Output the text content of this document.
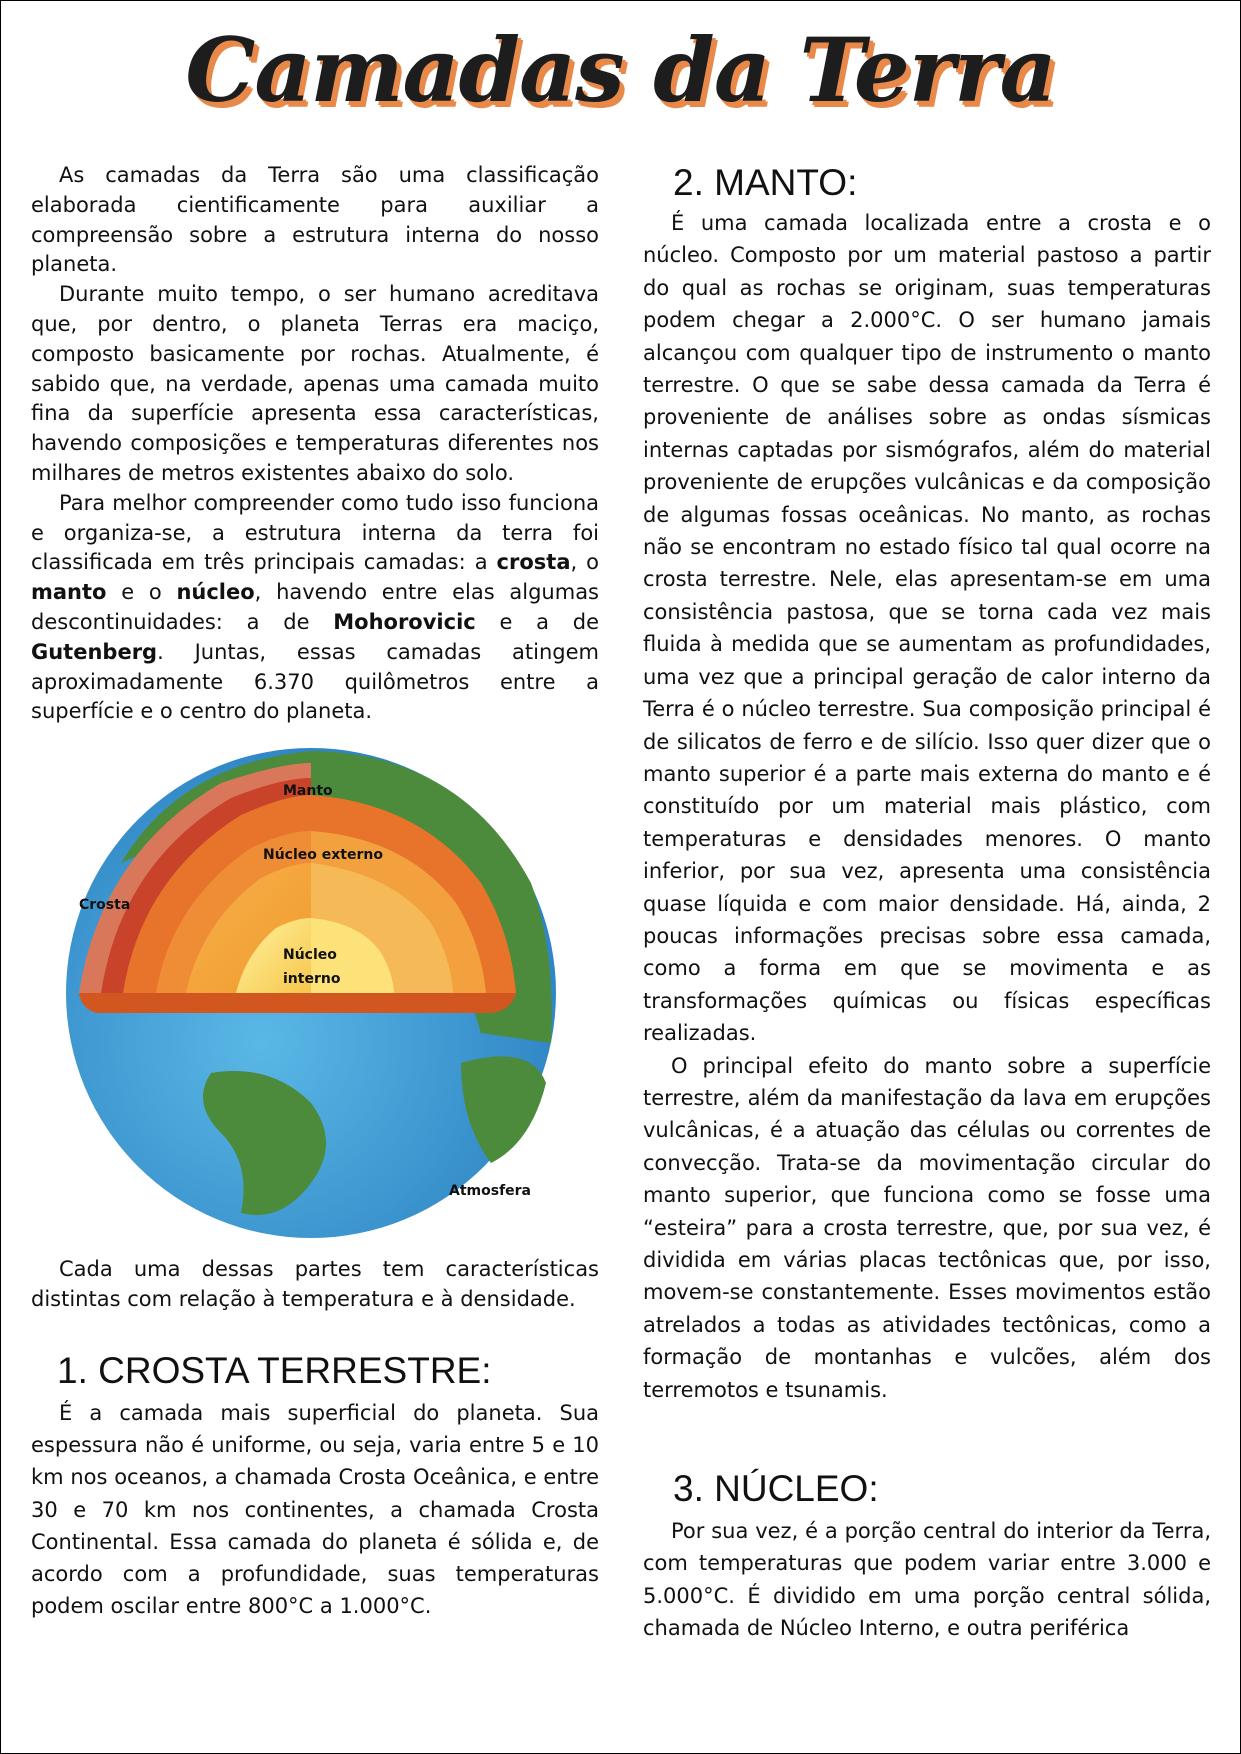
Camadas da Terra

As camadas da Terra são uma classificação elaborada cientificamente para auxiliar a compreensão sobre a estrutura interna do nosso planeta.

Durante muito tempo, o ser humano acreditava que, por dentro, o planeta Terras era maciço, composto basicamente por rochas. Atualmente, é sabido que, na verdade, apenas uma camada muito fina da superfície apresenta essa características, havendo composições e temperaturas diferentes nos milhares de metros existentes abaixo do solo.

Para melhor compreender como tudo isso funciona e organiza-se, a estrutura interna da terra foi classificada em três principais camadas: a crosta, o manto e o núcleo, havendo entre elas algumas descontinuidades: a de Mohorovicic e a de Gutenberg. Juntas, essas camadas atingem aproximadamente 6.370 quilômetros entre a superfície e o centro do planeta.

Cada uma dessas partes tem características distintas com relação à temperatura e à densidade.

1. CROSTA TERRESTRE:

É a camada mais superficial do planeta. Sua espessura não é uniforme, ou seja, varia entre 5 e 10 km nos oceanos, a chamada Crosta Oceânica, e entre 30 e 70 km nos continentes, a chamada Crosta Continental. Essa camada do planeta é sólida e, de acordo com a profundidade, suas temperaturas podem oscilar entre 800°C a 1.000°C.

Manto
Núcleo externo
Crosta
Núcleo
interno
Atmosfera
2. MANTO:

É uma camada localizada entre a crosta e o núcleo. Composto por um material pastoso a partir do qual as rochas se originam, suas temperaturas podem chegar a 2.000°C. O ser humano jamais alcançou com qualquer tipo de instrumento o manto terrestre. O que se sabe dessa camada da Terra é proveniente de análises sobre as ondas sísmicas internas captadas por sismógrafos, além do material proveniente de erupções vulcânicas e da composição de algumas fossas oceânicas. No manto, as rochas não se encontram no estado físico tal qual ocorre na crosta terrestre. Nele, elas apresentam-se em uma consistência pastosa, que se torna cada vez mais fluida à medida que se aumentam as profundidades, uma vez que a principal geração de calor interno da Terra é o núcleo terrestre. Sua composição principal é de silicatos de ferro e de silício. Isso quer dizer que o manto superior é a parte mais externa do manto e é constituído por um material mais plástico, com temperaturas e densidades menores. O manto inferior, por sua vez, apresenta uma consistência quase líquida e com maior densidade. Há, ainda, 2 poucas informações precisas sobre essa camada, como a forma em que se movimenta e as transformações químicas ou físicas específicas realizadas.

O principal efeito do manto sobre a superfície terrestre, além da manifestação da lava em erupções vulcânicas, é a atuação das células ou correntes de convecção. Trata-se da movimentação circular do manto superior, que funciona como se fosse uma “esteira” para a crosta terrestre, que, por sua vez, é dividida em várias placas tectônicas que, por isso, movem-se constantemente. Esses movimentos estão atrelados a todas as atividades tectônicas, como a formação de montanhas e vulcões, além dos terremotos e tsunamis.

3. NÚCLEO:

Por sua vez, é a porção central do interior da Terra, com temperaturas que podem variar entre 3.000 e 5.000°C. É dividido em uma porção central sólida, chamada de Núcleo Interno, e outra periférica
